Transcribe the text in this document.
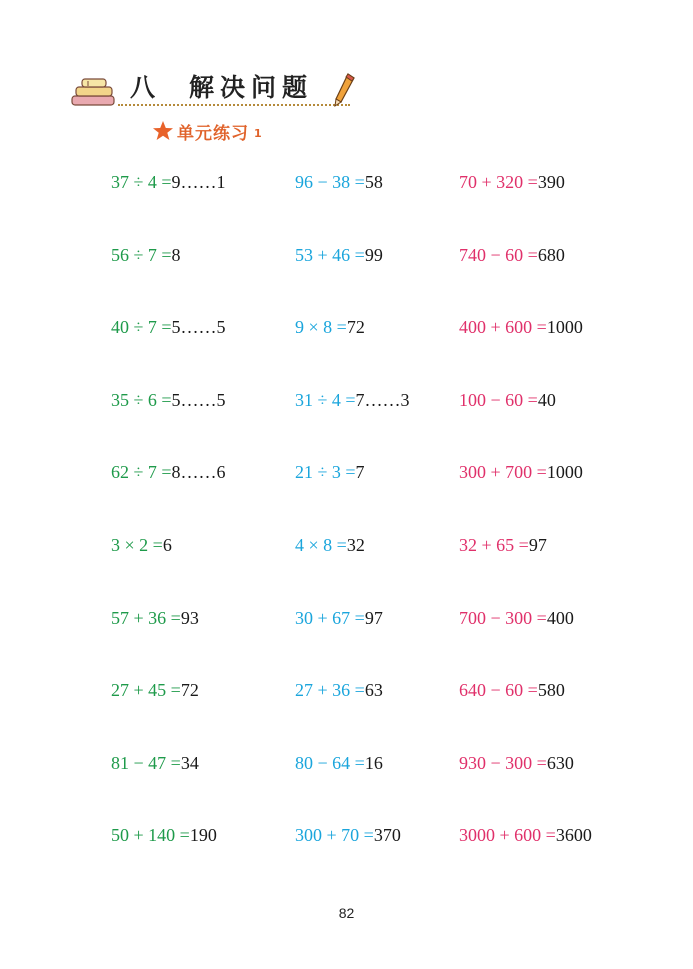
八 解决问题
单元练习 1
37 ÷ 4 =9……1	96 − 38 =58	70 + 320 =390
56 ÷ 7 =8	53 + 46 =99	740 − 60 =680
40 ÷ 7 =5……5	9 × 8 =72	400 + 600 =1000
35 ÷ 6 =5……5	31 ÷ 4 =7……3	100 − 60 =40
62 ÷ 7 =8……6	21 ÷ 3 =7	300 + 700 =1000
3 × 2 =6	4 × 8 =32	32 + 65 =97
57 + 36 =93	30 + 67 =97	700 − 300 =400
27 + 45 =72	27 + 36 =63	640 − 60 =580
81 − 47 =34	80 − 64 =16	930 − 300 =630
50 + 140 =190	300 + 70 =370	3000 + 600 =3600
82
